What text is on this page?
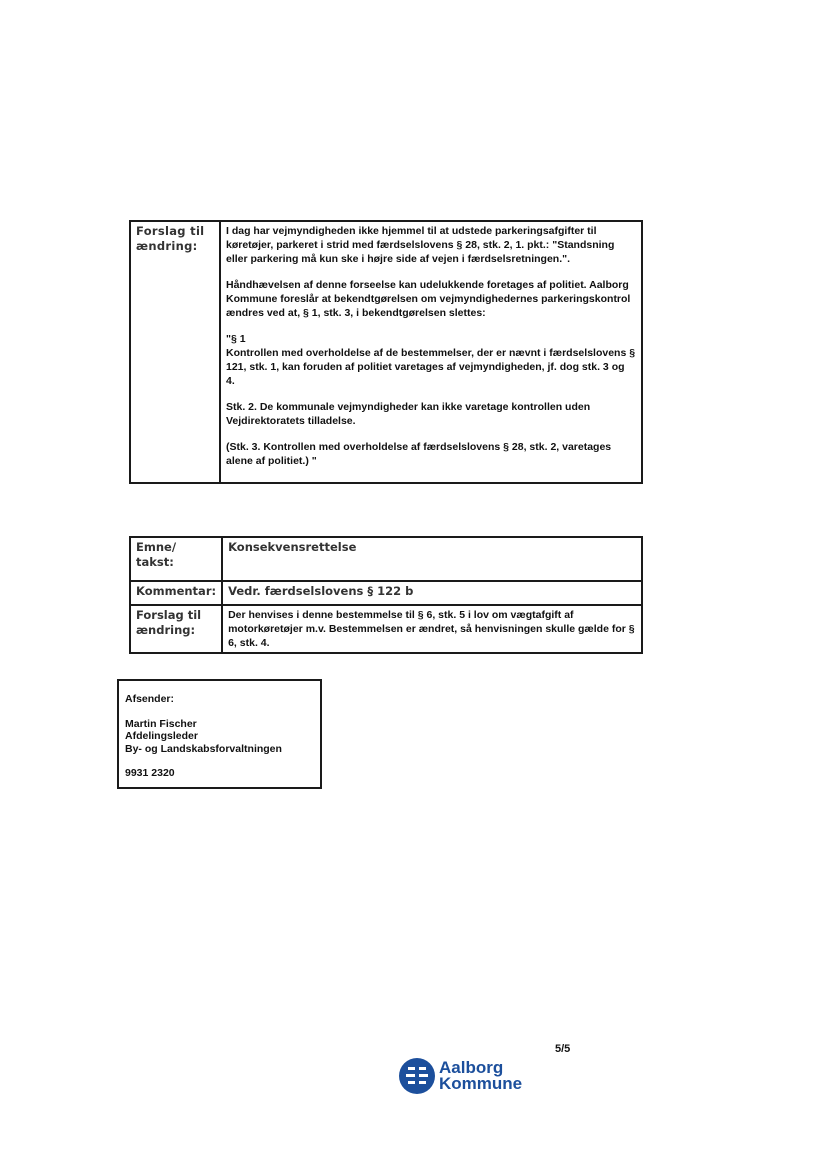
Forslag til ændring:	

I dag har vejmyndigheden ikke hjemmel til at udstede parkeringsafgifter til køretøjer, parkeret i strid med færdselslovens § 28, stk. 2, 1. pkt.: "Standsning eller parkering må kun ske i højre side af vejen i færdselsretningen.".

Håndhævelsen af denne forseelse kan udelukkende foretages af politiet. Aalborg Kommune foreslår at bekendtgørelsen om vejmyndighedernes parkeringskontrol ændres ved at, § 1, stk. 3, i bekendtgørelsen slettes:

"§ 1

Kontrollen med overholdelse af de bestemmelser, der er nævnt i færdselslovens § 121, stk. 1, kan foruden af politiet varetages af vejmyndigheden, jf. dog stk. 3 og 4.

Stk. 2. De kommunale vejmyndigheder kan ikke varetage kontrollen uden Vejdirektoratets tilladelse.

(Stk. 3. Kontrollen med overholdelse af færdselslovens § 28, stk. 2, varetages alene af politiet.) "

Emne/ takst:	Konsekvensrettelse
Kommentar:	Vedr. færdselslovens § 122 b
Forslag til ændring:	Der henvises i denne bestemmelse til § 6, stk. 5 i lov om vægtafgift af motorkøretøjer m.v. Bestemmelsen er ændret, så henvisningen skulle gælde for § 6, stk. 4.
Afsender:
Martin Fischer
Afdelingsleder
By- og Landskabsforvaltningen
9931 2320
5/5
Aalborg
Kommune
